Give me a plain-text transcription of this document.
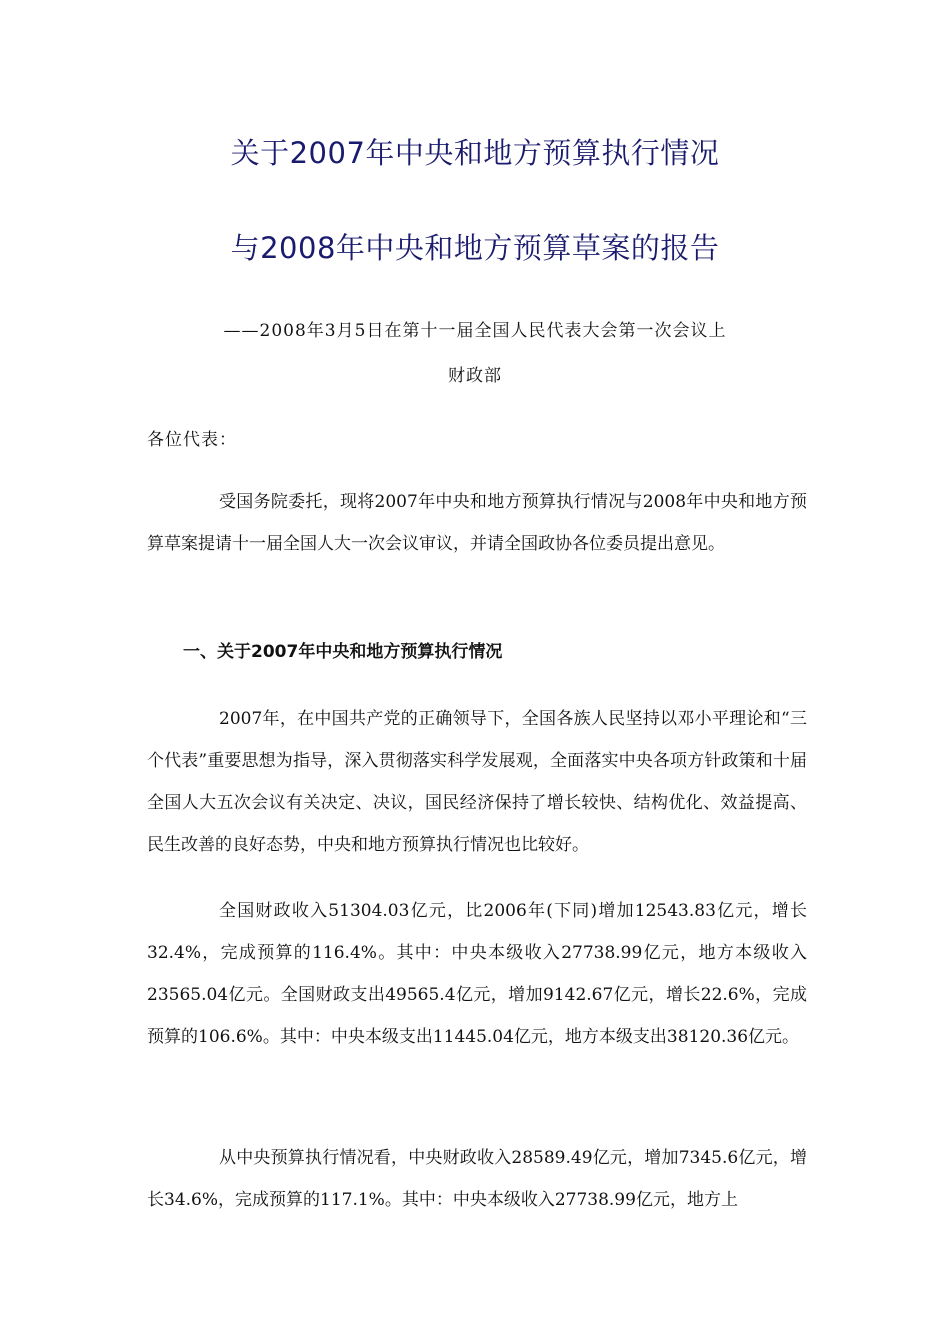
关于2007年中央和地方预算执行情况
与2008年中央和地方预算草案的报告
——2008年3月5日在第十一届全国人民代表大会第一次会议上
财政部
各位代表：
受国务院委托，现将2007年中央和地方预算执行情况与2008年中央和地方预算草案提请十一届全国人大一次会议审议，并请全国政协各位委员提出意见。
一、关于2007年中央和地方预算执行情况
2007年，在中国共产党的正确领导下，全国各族人民坚持以邓小平理论和“三个代表”重要思想为指导，深入贯彻落实科学发展观，全面落实中央各项方针政策和十届全国人大五次会议有关决定、决议，国民经济保持了增长较快、结构优化、效益提高、民生改善的良好态势，中央和地方预算执行情况也比较好。
全国财政收入51304.03亿元，比2006年(下同)增加12543.83亿元，增长32.4%，完成预算的116.4%。其中：中央本级收入27738.99亿元，地方本级收入23565.04亿元。全国财政支出49565.4亿元，增加9142.67亿元，增长22.6%，完成预算的106.6%。其中：中央本级支出11445.04亿元，地方本级支出38120.36亿元。
从中央预算执行情况看，中央财政收入28589.49亿元，增加7345.6亿元，增长34.6%，完成预算的117.1%。其中：中央本级收入27738.99亿元，地方上
